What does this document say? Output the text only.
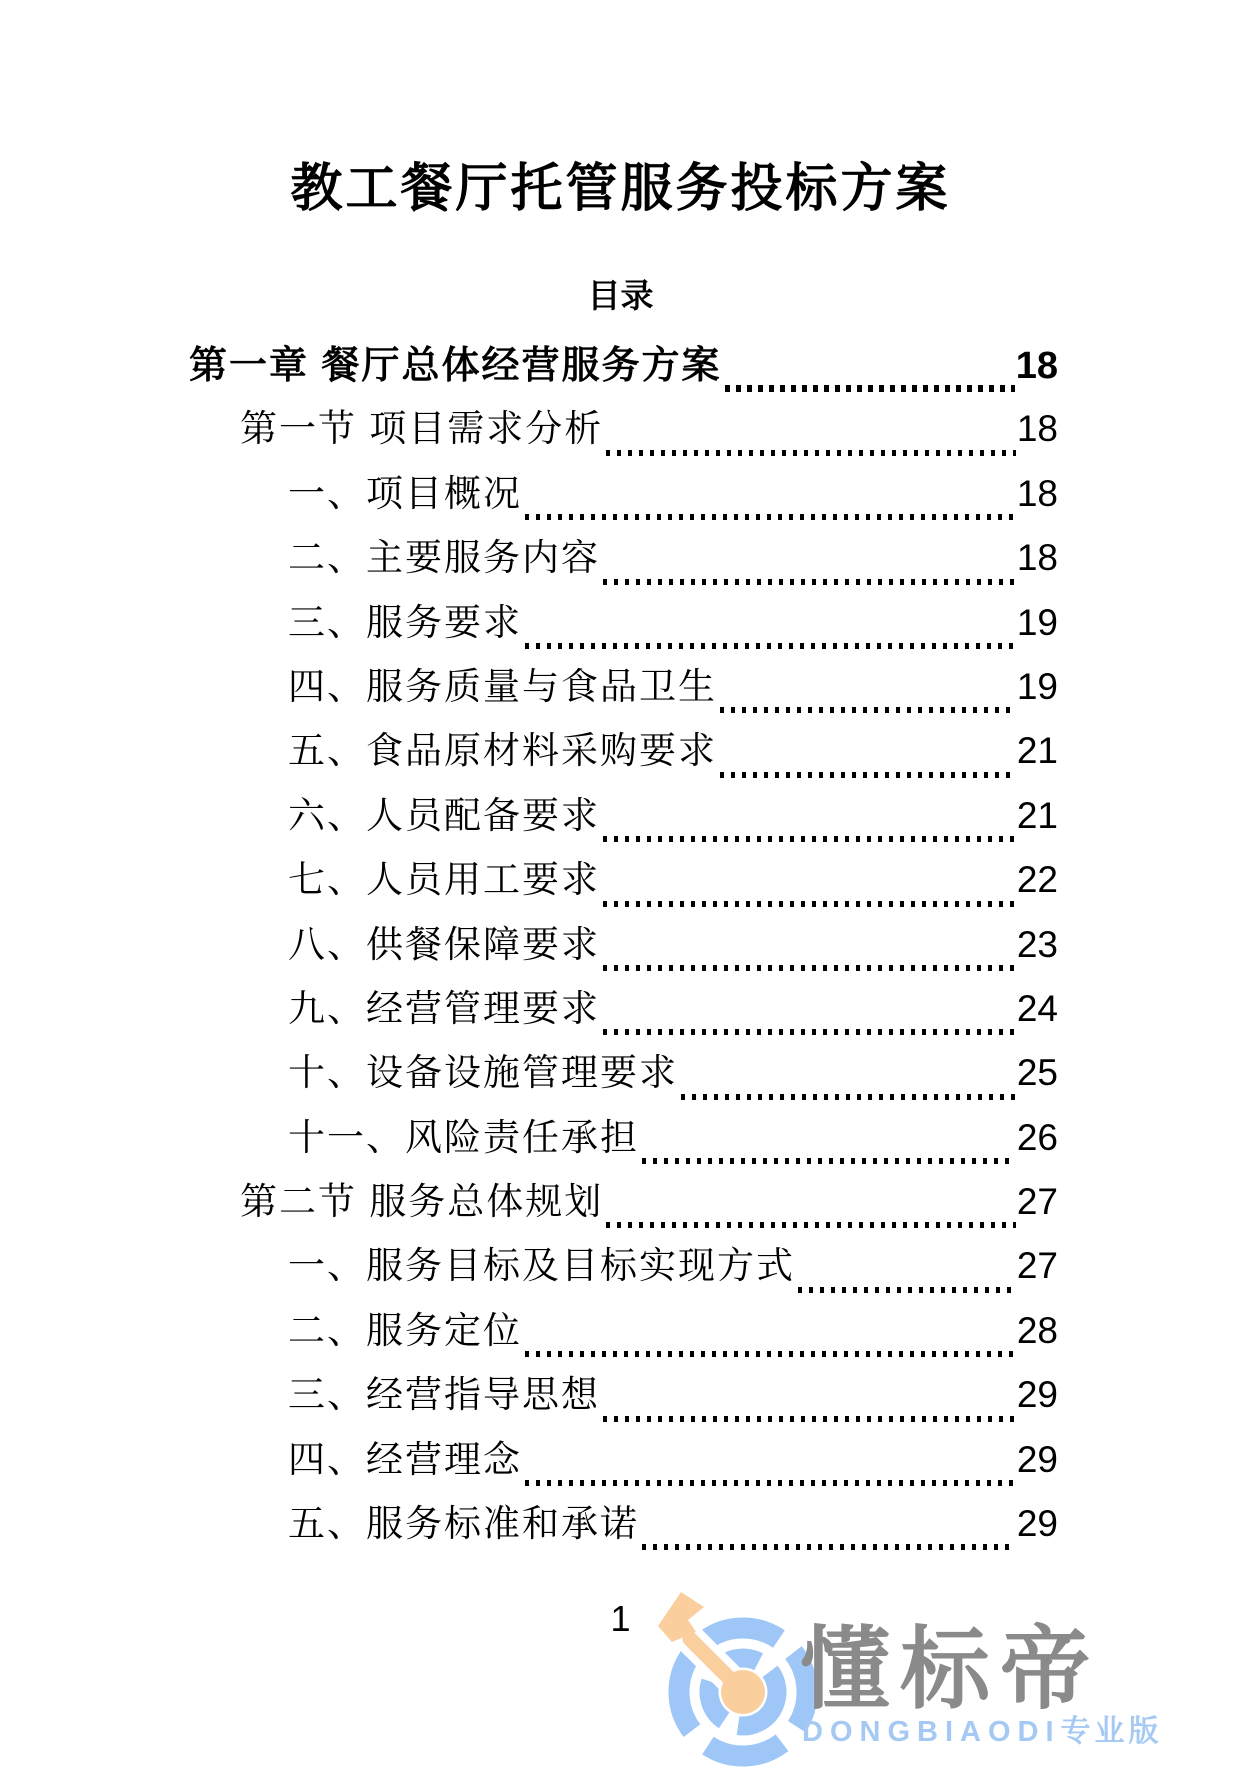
教工餐厅托管服务投标方案
目录
第一章 餐厅总体经营服务方案	18
第一节 项目需求分析	18
一、项目概况	18
二、主要服务内容	18
三、服务要求	19
四、服务质量与食品卫生	19
五、食品原材料采购要求	21
六、人员配备要求	21
七、人员用工要求	22
八、供餐保障要求	23
九、经营管理要求	24
十、设备设施管理要求	25
十一、风险责任承担	26
第二节 服务总体规划	27
一、服务目标及目标实现方式	27
二、服务定位	28
三、经营指导思想	29
四、经营理念	29
五、服务标准和承诺	29
1
懂标帝
DONGBIAODI专业版
